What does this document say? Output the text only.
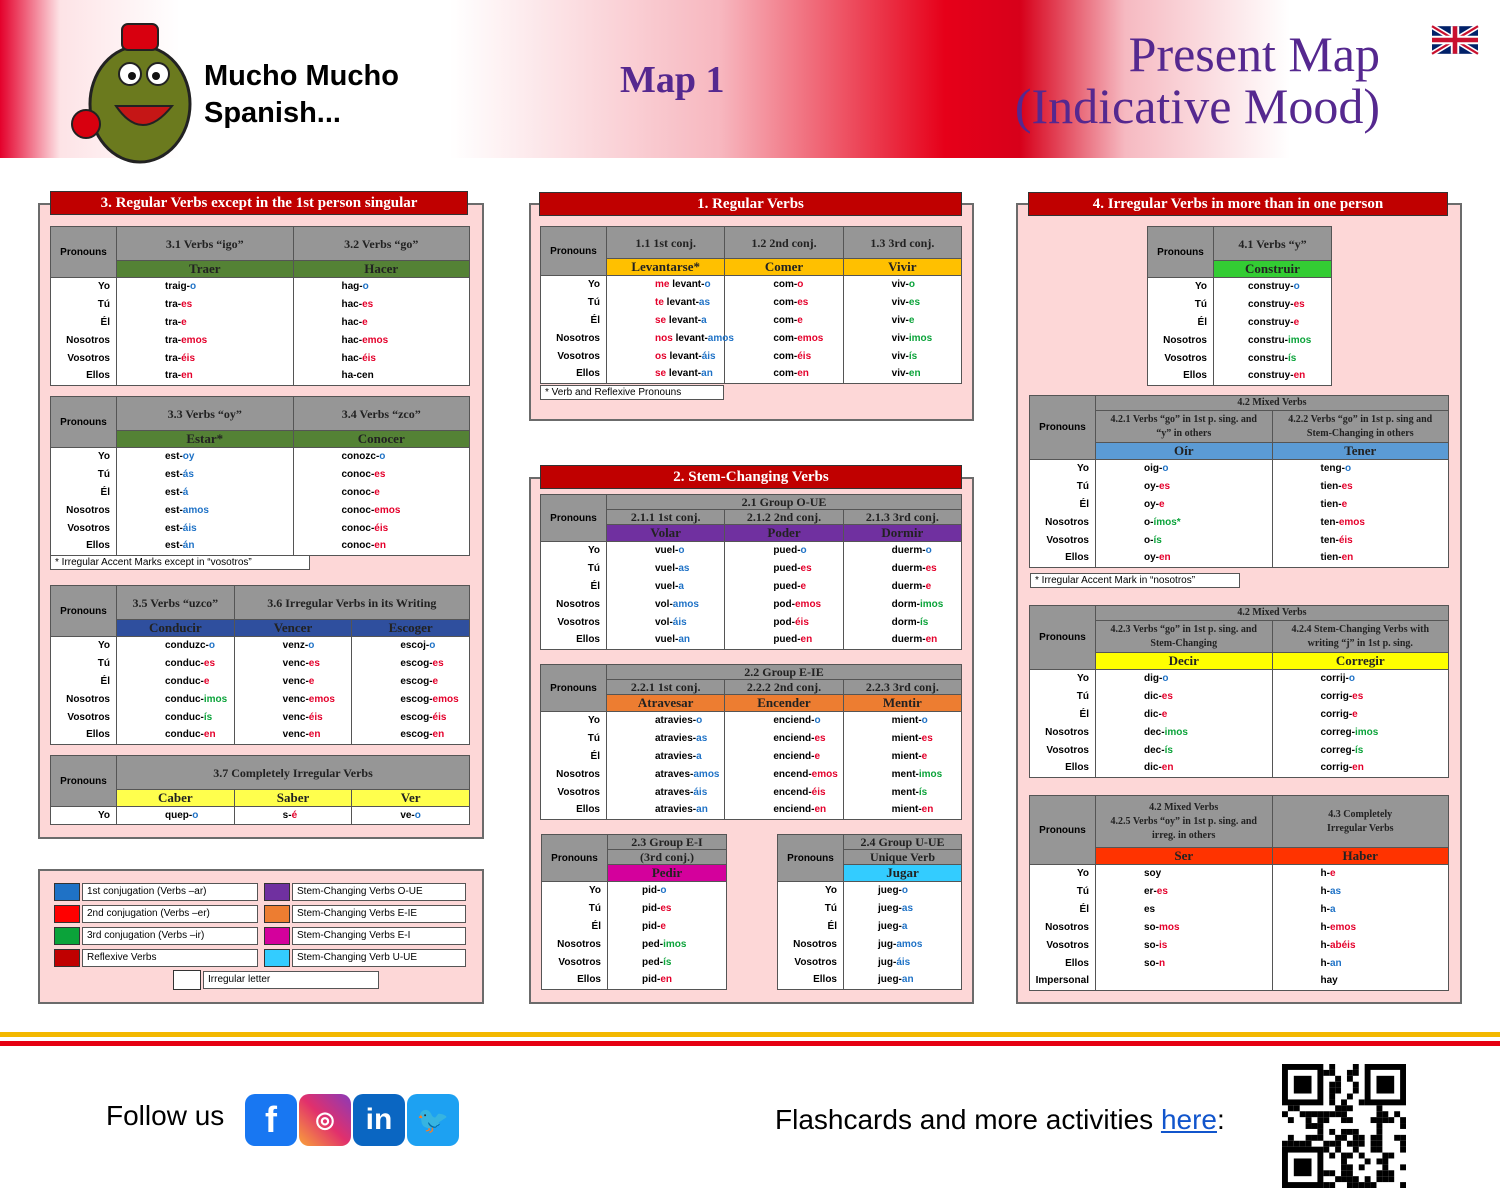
Mucho Mucho
Spanish...
Map 1	Present Map
(Indicative Mood)
3. Regular Verbs except in the 1st person singular
Pronouns	3.1 Verbs “igo”	3.2 Verbs “go”
	Traer	Hacer
Yo	traig-o	hag-o
Tú	tra-es	hac-es
Él	tra-e	hac-e
Nosotros	tra-emos	hac-emos
Vosotros	tra-éis	hac-éis
Ellos	tra-en	ha-cen
Pronouns	3.3 Verbs “oy”	3.4 Verbs “zco”
	Estar*	Conocer
Yo	est-oy	conozc-o
Tú	est-ás	conoc-es
Él	est-á	conoc-e
Nosotros	est-amos	conoc-emos
Vosotros	est-áis	conoc-éis
Ellos	est-án	conoc-en
* Irregular Accent Marks except in “vosotros”
Pronouns	3.5 Verbs “uzco”	3.6 Irregular Verbs in its Writing	
	Conducir	Vencer	Escoger
Yo	conduzc-o	venz-o	escoj-o
Tú	conduc-es	venc-es	escog-es
Él	conduc-e	venc-e	escog-e
Nosotros	conduc-imos	venc-emos	escog-emos
Vosotros	conduc-ís	venc-éis	escog-éis
Ellos	conduc-en	venc-en	escog-en
Pronouns	3.7 Completely Irregular Verbs		
	Caber	Saber	Ver
Yo	quep-o	s-é	ve-o
1st conjugation (Verbs –ar)
2nd conjugation (Verbs –er)
3rd conjugation (Verbs –ir)
Reflexive Verbs
Stem-Changing Verbs O-UE
Stem-Changing Verbs E-IE
Stem-Changing Verbs E-I
Stem-Changing Verb U-UE
Irregular letter
1. Regular Verbs
Pronouns	1.1 1st conj.	1.2 2nd conj.	1.3 3rd conj.
	Levantarse*	Comer	Vivir
Yo	me levant-o	com-o	viv-o
Tú	te levant-as	com-es	viv-es
Él	se levant-a	com-e	viv-e
Nosotros	nos levant-amos	com-emos	viv-imos
Vosotros	os levant-áis	com-éis	viv-ís
Ellos	se levant-an	com-en	viv-en
* Verb and Reflexive Pronouns
2. Stem-Changing Verbs
Pronouns	2.1 Group O-UE		
	2.1.1 1st conj.	2.1.2 2nd conj.	2.1.3 3rd conj.
	Volar	Poder	Dormir
Yo	vuel-o	pued-o	duerm-o
Tú	vuel-as	pued-es	duerm-es
Él	vuel-a	pued-e	duerm-e
Nosotros	vol-amos	pod-emos	dorm-imos
Vosotros	vol-áis	pod-éis	dorm-ís
Ellos	vuel-an	pued-en	duerm-en
Pronouns	2.2 Group E-IE		
	2.2.1 1st conj.	2.2.2 2nd conj.	2.2.3 3rd conj.
	Atravesar	Encender	Mentir
Yo	atravies-o	enciend-o	mient-o
Tú	atravies-as	enciend-es	mient-es
Él	atravies-a	enciend-e	mient-e
Nosotros	atraves-amos	encend-emos	ment-imos
Vosotros	atraves-áis	encend-éis	ment-ís
Ellos	atravies-an	enciend-en	mient-en
Pronouns	2.3 Group E-I
	(3rd conj.)
	Pedir
Yo	pid-o
Tú	pid-es
Él	pid-e
Nosotros	ped-imos
Vosotros	ped-ís
Ellos	pid-en
Pronouns	2.4 Group U-UE
	Unique Verb
	Jugar
Yo	jueg-o
Tú	jueg-as
Él	jueg-a
Nosotros	jug-amos
Vosotros	jug-áis
Ellos	jueg-an
4. Irregular Verbs in more than in one person
Pronouns	4.1 Verbs “y”
	Construir
Yo	construy-o
Tú	construy-es
Él	construy-e
Nosotros	constru-imos
Vosotros	constru-ís
Ellos	construy-en
Pronouns	4.2 Mixed Verbs	
	4.2.1 Verbs “go” in 1st p. sing. and “y” in others	4.2.2 Verbs “go” in 1st p. sing and Stem-Changing in others
	Oír	Tener
Yo	oig-o	teng-o
Tú	oy-es	tien-es
Él	oy-e	tien-e
Nosotros	o-ímos*	ten-emos
Vosotros	o-ís	ten-éis
Ellos	oy-en	tien-en
* Irregular Accent Mark in “nosotros”
Pronouns	4.2 Mixed Verbs	
	4.2.3 Verbs “go” in 1st p. sing. and Stem-Changing	4.2.4 Stem-Changing Verbs with writing “j” in 1st p. sing.
	Decir	Corregir
Yo	dig-o	corrij-o
Tú	dic-es	corrig-es
Él	dic-e	corrig-e
Nosotros	dec-imos	correg-imos
Vosotros	dec-ís	correg-ís
Ellos	dic-en	corrig-en
Pronouns	4.2 Mixed Verbs
4.2.5 Verbs “oy” in 1st p. sing. and irreg. in others	4.3 Completely Irregular Verbs
	Ser	Haber
Yo	soy	h-e
Tú	er-es	h-as
Él	es	h-a
Nosotros	so-mos	h-emos
Vosotros	so-is	h-abéis
Ellos	so-n	h-an
Impersonal		hay
Follow us	f	◎	in 🐦	Flashcards and more activities here:
